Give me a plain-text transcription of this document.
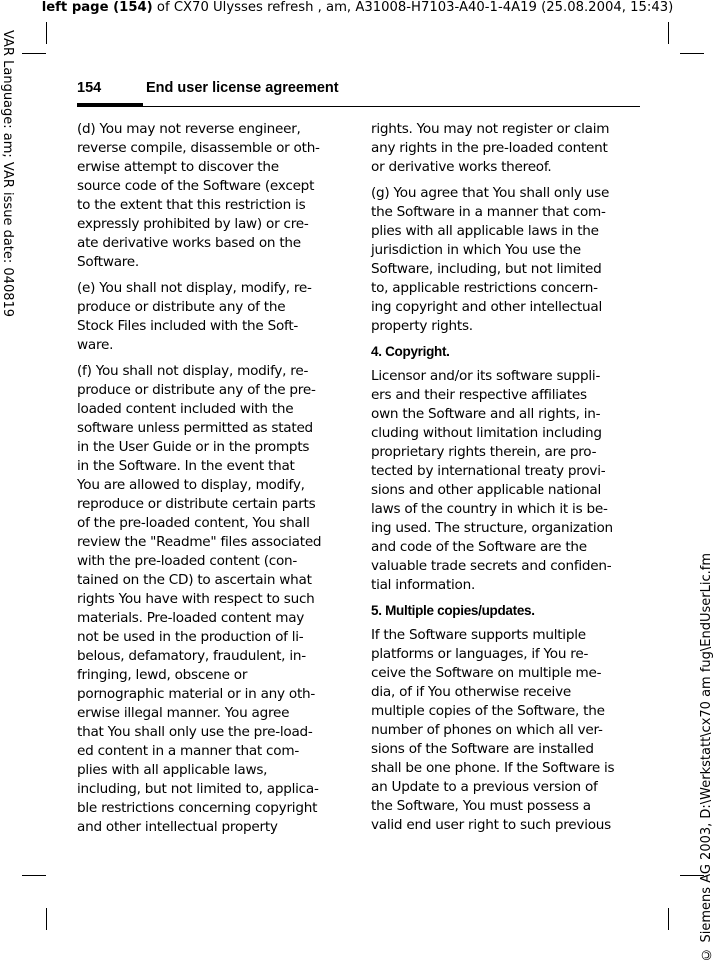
left page (154) of CX70 Ulysses refresh , am, A31008-H7103-A40-1-4A19 (25.08.2004, 15:43)
VAR Language: am; VAR issue date: 040819
© Siemens AG 2003, D:\Werkstatt\cx70 am fug\EndUserLic.fm
154	End user license agreement

(d) You may not reverse engineer,
reverse compile, disassemble or oth-
erwise attempt to discover the
source code of the Software (except
to the extent that this restriction is
expressly prohibited by law) or cre-
ate derivative works based on the
Software.

(e) You shall not display, modify, re-
produce or distribute any of the
Stock Files included with the Soft-
ware.

(f) You shall not display, modify, re-
produce or distribute any of the pre-
loaded content included with the
software unless permitted as stated
in the User Guide or in the prompts
in the Software. In the event that
You are allowed to display, modify,
reproduce or distribute certain parts
of the pre-loaded content, You shall
review the "Readme" files associated
with the pre-loaded content (con-
tained on the CD) to ascertain what
rights You have with respect to such
materials. Pre-loaded content may
not be used in the production of li-
belous, defamatory, fraudulent, in-
fringing, lewd, obscene or
pornographic material or in any oth-
erwise illegal manner. You agree
that You shall only use the pre-load-
ed content in a manner that com-
plies with all applicable laws,
including, but not limited to, applica-
ble restrictions concerning copyright
and other intellectual property

rights. You may not register or claim
any rights in the pre-loaded content
or derivative works thereof.

(g) You agree that You shall only use
the Software in a manner that com-
plies with all applicable laws in the
jurisdiction in which You use the
Software, including, but not limited
to, applicable restrictions concern-
ing copyright and other intellectual
property rights.

4. Copyright.

Licensor and/or its software suppli-
ers and their respective affiliates
own the Software and all rights, in-
cluding without limitation including
proprietary rights therein, are pro-
tected by international treaty provi-
sions and other applicable national
laws of the country in which it is be-
ing used. The structure, organization
and code of the Software are the
valuable trade secrets and confiden-
tial information.

5. Multiple copies/updates.

If the Software supports multiple
platforms or languages, if You re-
ceive the Software on multiple me-
dia, of if You otherwise receive
multiple copies of the Software, the
number of phones on which all ver-
sions of the Software are installed
shall be one phone. If the Software is
an Update to a previous version of
the Software, You must possess a
valid end user right to such previous
